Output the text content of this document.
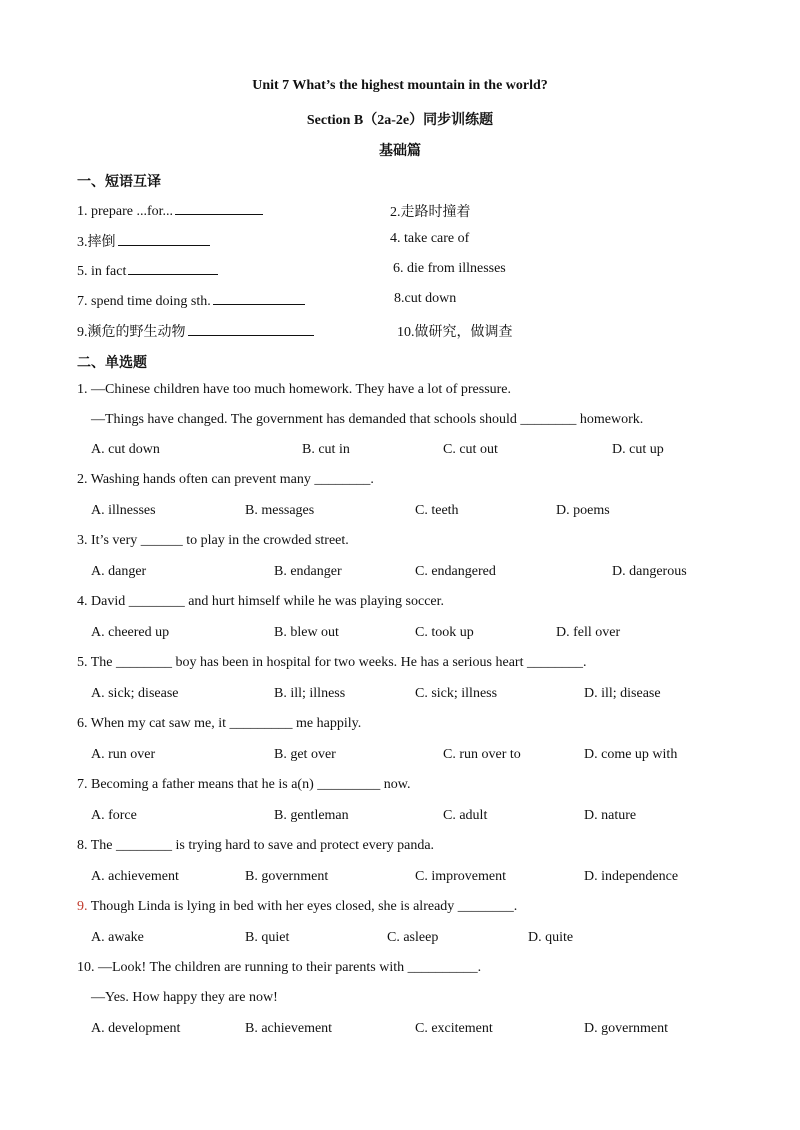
Unit 7 What’s the highest mountain in the world?
Section B（2a-2e）同步训练题
基础篇
一、短语互译
1. prepare ...for...	2.走路时撞着
3.摔倒	4. take care of
5. in fact	6. die from illnesses
7. spend time doing sth.	8.cut down
9.濒危的野生动物	10.做研究，做调查
二、单选题
1. —Chinese children have too much homework. They have a lot of pressure.
—Things have changed. The government has demanded that schools should ________ homework.
A. cut down	B. cut in	C. cut out	D. cut up
2. Washing hands often can prevent many ________.
A. illnesses	B. messages	C. teeth	D. poems
3. It’s very ______ to play in the crowded street.
A. danger	B. endanger	C. endangered	D. dangerous
4. David ________ and hurt himself while he was playing soccer.
A. cheered up	B. blew out	C. took up	D. fell over
5. The ________ boy has been in hospital for two weeks. He has a serious heart ________.
A. sick; disease	B. ill; illness	C. sick; illness	D. ill; disease
6. When my cat saw me, it _________ me happily.
A. run over	B. get over	C. run over to	D. come up with
7. Becoming a father means that he is a(n) _________ now.
A. force	B. gentleman	C. adult	D. nature
8. The ________ is trying hard to save and protect every panda.
A. achievement	B. government	C. improvement	D. independence
9. Though Linda is lying in bed with her eyes closed, she is already ________.
A. awake	B. quiet	C. asleep	D. quite
10. —Look! The children are running to their parents with __________.
—Yes. How happy they are now!
A. development	B. achievement	C. excitement	D. government
